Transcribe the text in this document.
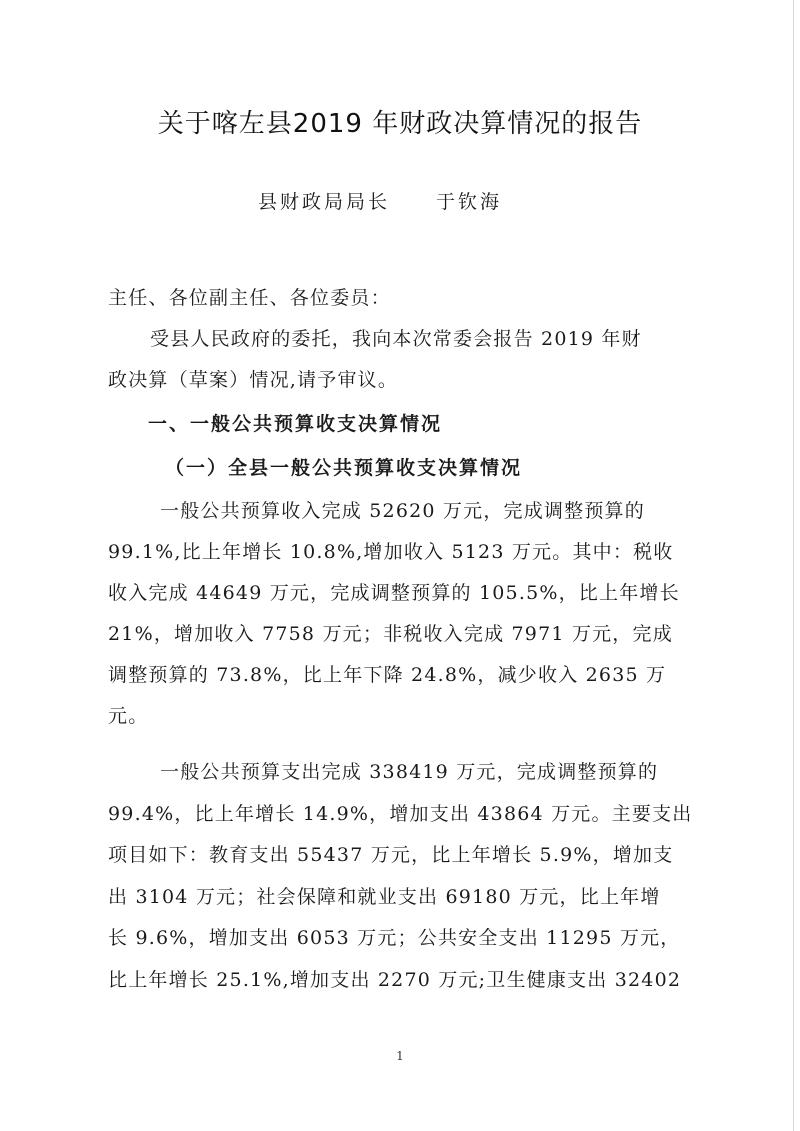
关于喀左县2019 年财政决算情况的报告
县财政局局长 于钦海
主任、各位副主任、各位委员：
受县人民政府的委托，我向本次常委会报告 2019 年财
政决算（草案）情况,请予审议。
一、一般公共预算收支决算情况
（一）全县一般公共预算收支决算情况
一般公共预算收入完成 52620 万元，完成调整预算的
99.1%,比上年增长 10.8%,增加收入 5123 万元。其中：税收
收入完成 44649 万元，完成调整预算的 105.5%，比上年增长
21%，增加收入 7758 万元；非税收入完成 7971 万元，完成
调整预算的 73.8%，比上年下降 24.8%，减少收入 2635 万
元。
一般公共预算支出完成 338419 万元，完成调整预算的
99.4%，比上年增长 14.9%，增加支出 43864 万元。主要支出
项目如下：教育支出 55437 万元，比上年增长 5.9%，增加支
出 3104 万元；社会保障和就业支出 69180 万元，比上年增
长 9.6%，增加支出 6053 万元；公共安全支出 11295 万元，
比上年增长 25.1%,增加支出 2270 万元;卫生健康支出 32402
1
